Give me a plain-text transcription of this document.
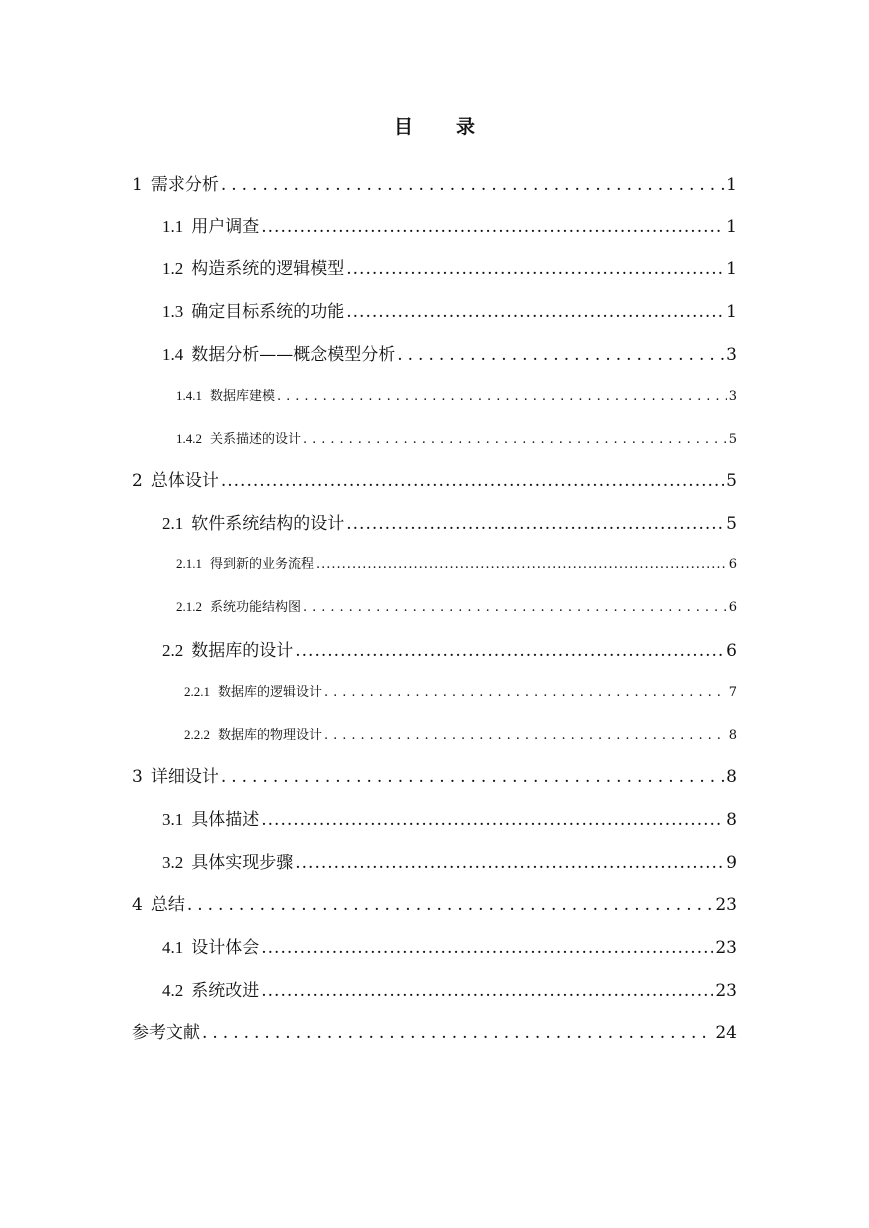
目　录
1 需求分析 .....	1
1.1 用户调查 .....	1
1.2 构造系统的逻辑模型 .....	1
1.3 确定目标系统的功能 .....	1
1.4 数据分析——概念模型分析 .....	3
1.4.1 数据库建模 .....	3
1.4.2 关系描述的设计 .....	5
2 总体设计 .....	5
2.1 软件系统结构的设计 .....	5
2.1.1 得到新的业务流程 .....	6
2.1.2 系统功能结构图 .....	6
2.2 数据库的设计 .....	6
2.2.1 数据库的逻辑设计 .....	7
2.2.2 数据库的物理设计 .....	8
3 详细设计 .....	8
3.1 具体描述 .....	8
3.2 具体实现步骤 .....	9
4 总结 .....	23
4.1 设计体会 .....	23
4.2 系统改进 .....	23
参考文献 .....	24
